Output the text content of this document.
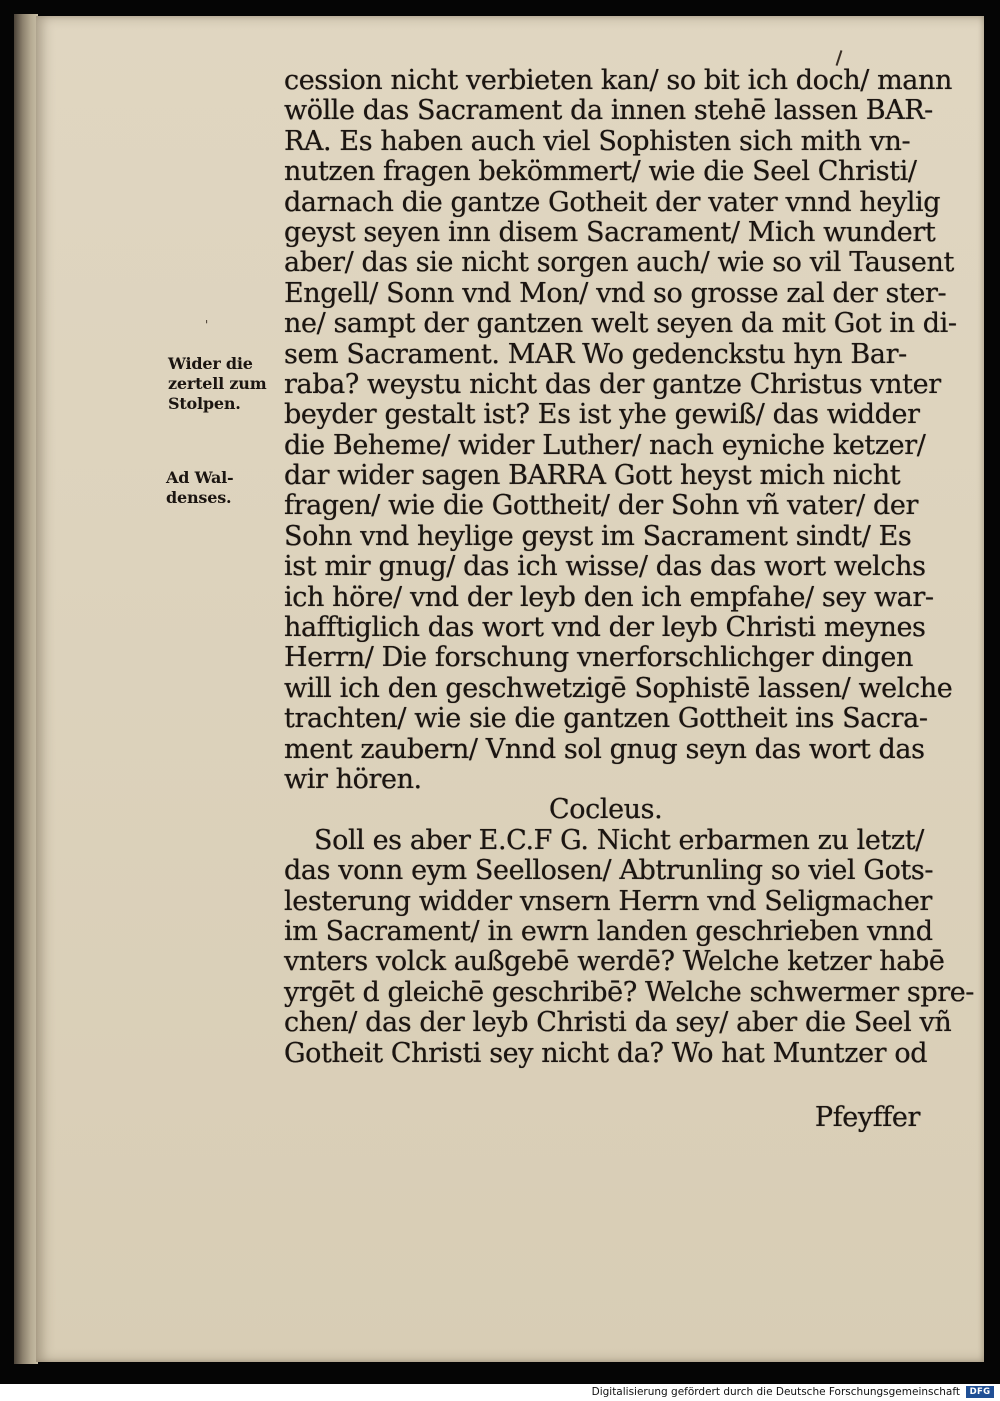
'
cession nicht verbieten kan/ so bit ich doch/ mann
wölle das Sacrament da innen stehē lassen BAR-
RA. Es haben auch viel Sophisten sich mith vn-
nutzen fragen bekömmert/ wie die Seel Christi/
darnach die gantze Gotheit der vater vnnd heylig
geyst seyen inn disem Sacrament/ Mich wundert
aber/ das sie nicht sorgen auch/ wie so vil Tausent
Engell/ Sonn vnd Mon/ vnd so grosse zal der ster-
ne/ sampt der gantzen welt seyen da mit Got in di-
sem Sacrament. MAR Wo gedenckstu hyn Bar-
raba? weystu nicht das der gantze Christus vnter
beyder gestalt ist? Es ist yhe gewiß/ das widder
die Beheme/ wider Luther/ nach eyniche ketzer/
dar wider sagen BARRA Gott heyst mich nicht
fragen/ wie die Gottheit/ der Sohn vñ vater/ der
Sohn vnd heylige geyst im Sacrament sindt/ Es
ist mir gnug/ das ich wisse/ das das wort welchs
ich höre/ vnd der leyb den ich empfahe/ sey war-
hafftiglich das wort vnd der leyb Christi meynes
Herrn/ Die forschung vnerforschlichger dingen
will ich den geschwetzigē Sophistē lassen/ welche
trachten/ wie sie die gantzen Gottheit ins Sacra-
ment zaubern/ Vnnd sol gnug seyn das wort das
wir hören.
Cocleus.
Soll es aber E.C.F G. Nicht erbarmen zu letzt/
das vonn eym Seellosen/ Abtrunling so viel Gots-
lesterung widder vnsern Herrn vnd Seligmacher
im Sacrament/ in ewrn landen geschrieben vnnd
vnters volck außgebē werdē? Welche ketzer habē
yrgēt d gleichē geschribē? Welche schwermer spre-
chen/ das der leyb Christi da sey/ aber die Seel vñ
Gotheit Christi sey nicht da? Wo hat Muntzer od
Pfeyffer
Wider die
zertell zum
Stolpen.
Ad Wal-
denses.
Digitalisierung gefördert durch die Deutsche Forschungsgemeinschaft	DFG
